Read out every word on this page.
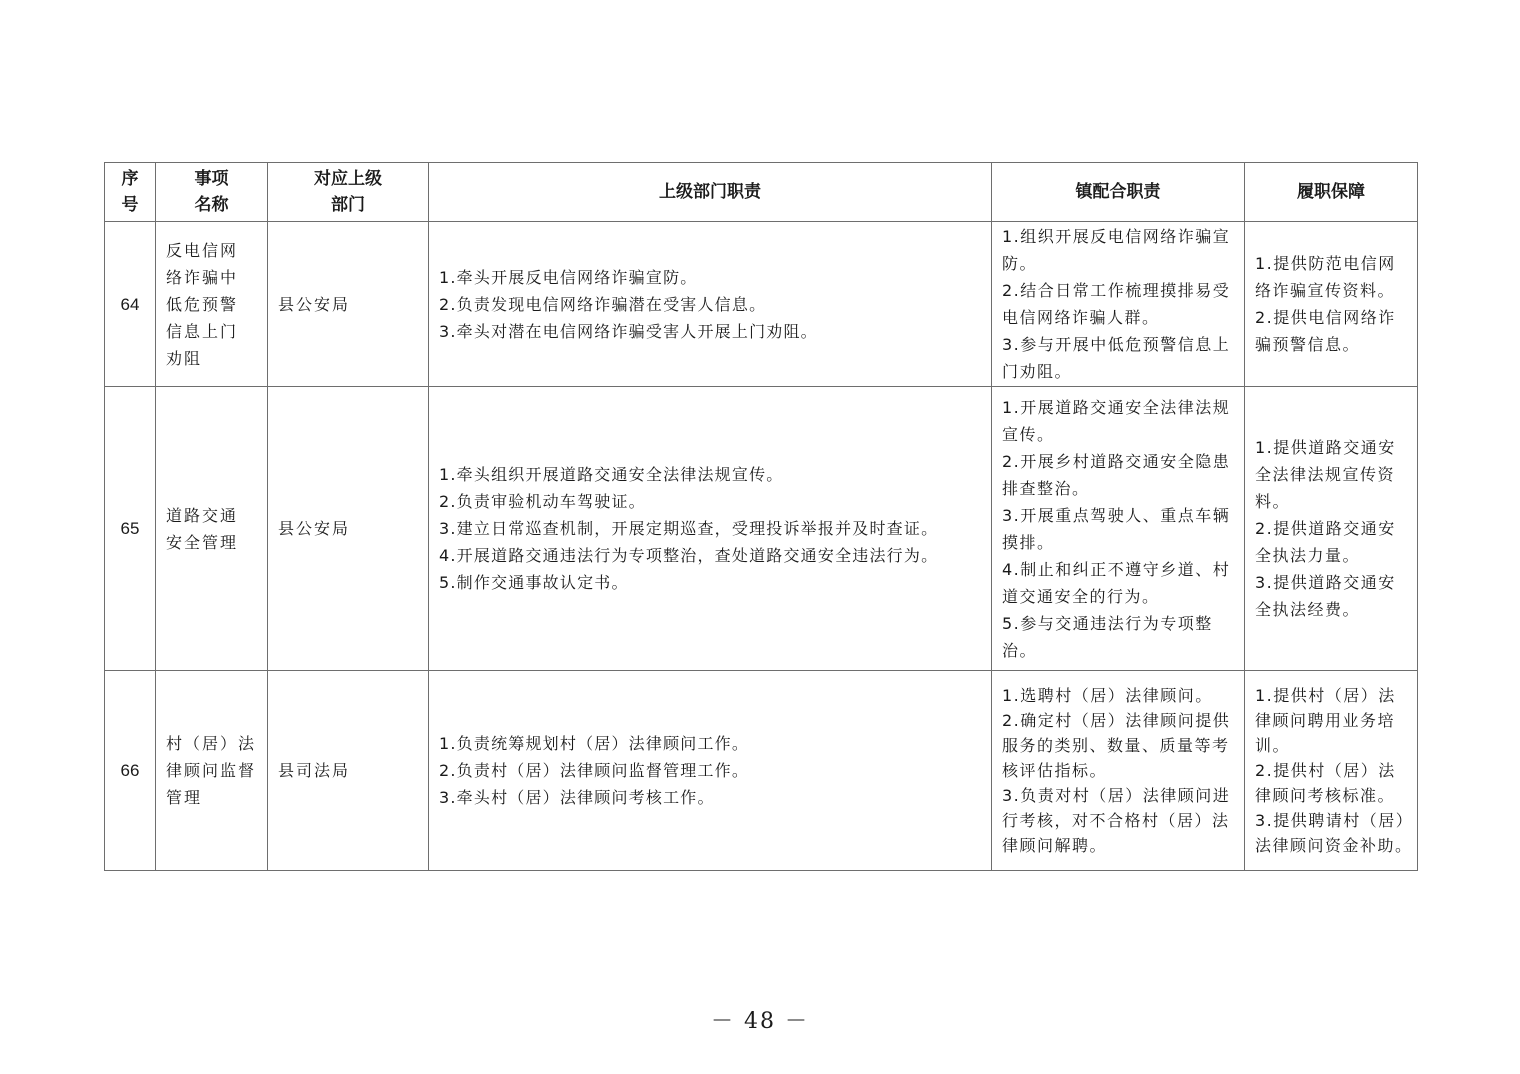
序号	事项名称	对应上级部门	上级部门职责	镇配合职责	履职保障
64	反电信网络诈骗中低危预警信息上门劝阻	县公安局	1.牵头开展反电信网络诈骗宣防。
2.负责发现电信网络诈骗潜在受害人信息。
3.牵头对潜在电信网络诈骗受害人开展上门劝阻。	1.组织开展反电信网络诈骗宣防。
2.结合日常工作梳理摸排易受电信网络诈骗人群。
3.参与开展中低危预警信息上门劝阻。	1.提供防范电信网络诈骗宣传资料。
2.提供电信网络诈骗预警信息。

65	道路交通安全管理	县公安局	1.牵头组织开展道路交通安全法律法规宣传。
2.负责审验机动车驾驶证。
3.建立日常巡查机制，开展定期巡查，受理投诉举报并及时查证。
4.开展道路交通违法行为专项整治，查处道路交通安全违法行为。
5.制作交通事故认定书。	1.开展道路交通安全法律法规宣传。
2.开展乡村道路交通安全隐患排查整治。
3.开展重点驾驶人、重点车辆摸排。
4.制止和纠正不遵守乡道、村道交通安全的行为。
5.参与交通违法行为专项整治。	1.提供道路交通安全法律法规宣传资料。
2.提供道路交通安全执法力量。
3.提供道路交通安全执法经费。

66	村（居）法律顾问监督管理	县司法局	1.负责统筹规划村（居）法律顾问工作。
2.负责村（居）法律顾问监督管理工作。
3.牵头村（居）法律顾问考核工作。	1.选聘村（居）法律顾问。
2.确定村（居）法律顾问提供服务的类别、数量、质量等考核评估指标。
3.负责对村（居）法律顾问进行考核，对不合格村（居）法律顾问解聘。	1.提供村（居）法律顾问聘用业务培训。
2.提供村（居）法律顾问考核标准。
3.提供聘请村（居）法律顾问资金补助。
－ 48 －
